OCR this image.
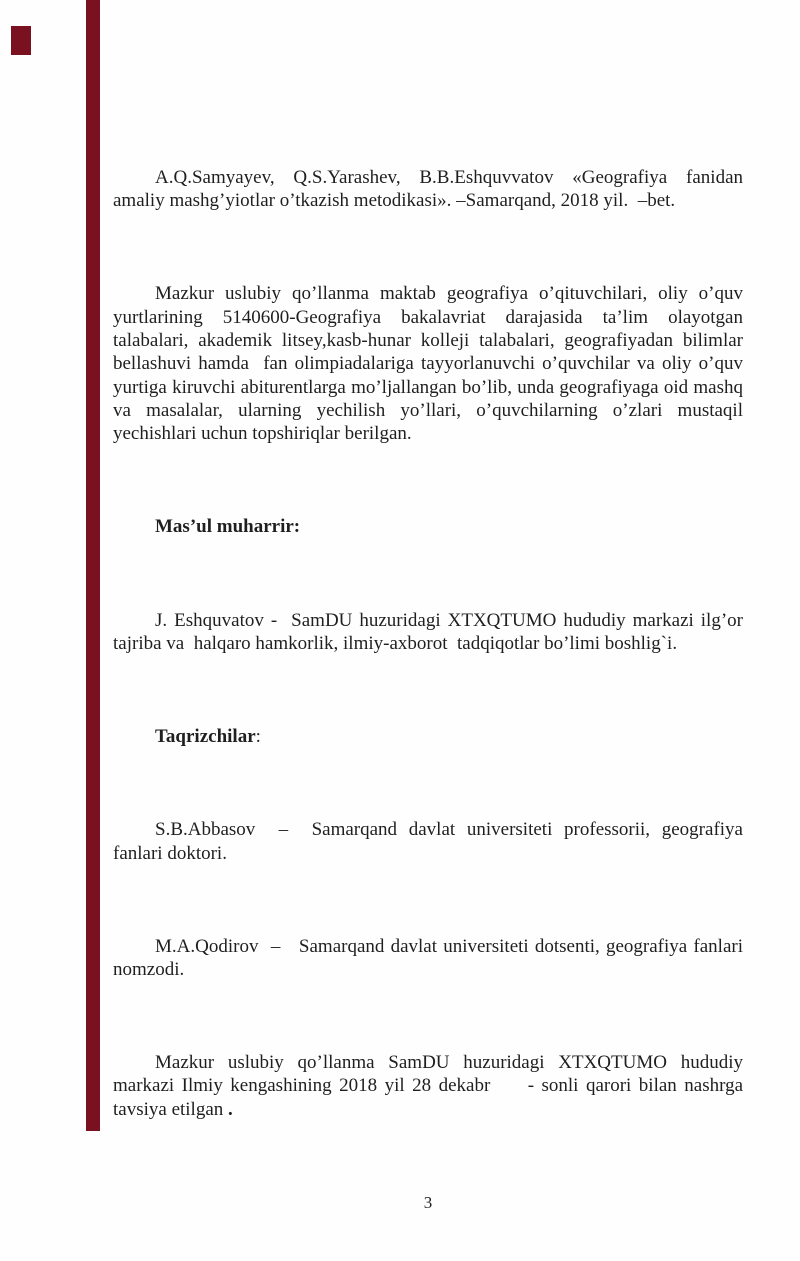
A.Q.Samyayev, Q.S.Yarashev, B.B.Eshquvvatov «Geografiya fanidan amaliy mashg’yiotlar o’tkazish metodikasi». –Samarqand, 2018 yil.  –bet.

Mazkur uslubiy qo’llanma maktab geografiya o’qituvchilari, oliy o’quv yurtlarining 5140600-Geografiya bakalavriat darajasida ta’lim olayotgan talabalari, akademik litsey,kasb-hunar kolleji talabalari, geografiyadan bilimlar bellashuvi hamda  fan olimpiadalariga tayyorlanuvchi o’quvchilar va oliy o’quv yurtiga kiruvchi abiturentlarga mo’ljallangan bo’lib, unda geografiyaga oid mashq va masalalar, ularning yechilish yo’llari, o’quvchilarning o’zlari mustaqil yechishlari uchun topshiriqlar berilgan.

Mas’ul muharrir:

J. Eshquvatov -  SamDU huzuridagi XTXQTUMO hududiy markazi ilg’or tajriba va  halqaro hamkorlik, ilmiy-axborot  tadqiqotlar bo’limi boshlig`i.

Taqrizchilar:

S.B.Abbasov  –  Samarqand davlat universiteti professorii, geografiya  fanlari doktori.

M.A.Qodirov  –   Samarqand davlat universiteti dotsenti, geografiya fanlari nomzodi.

Mazkur uslubiy qo’llanma SamDU huzuridagi XTXQTUMO hududiy markazi Ilmiy kengashining 2018 yil 28 dekabr     - sonli qarori bilan nashrga tavsiya etilgan .

3
